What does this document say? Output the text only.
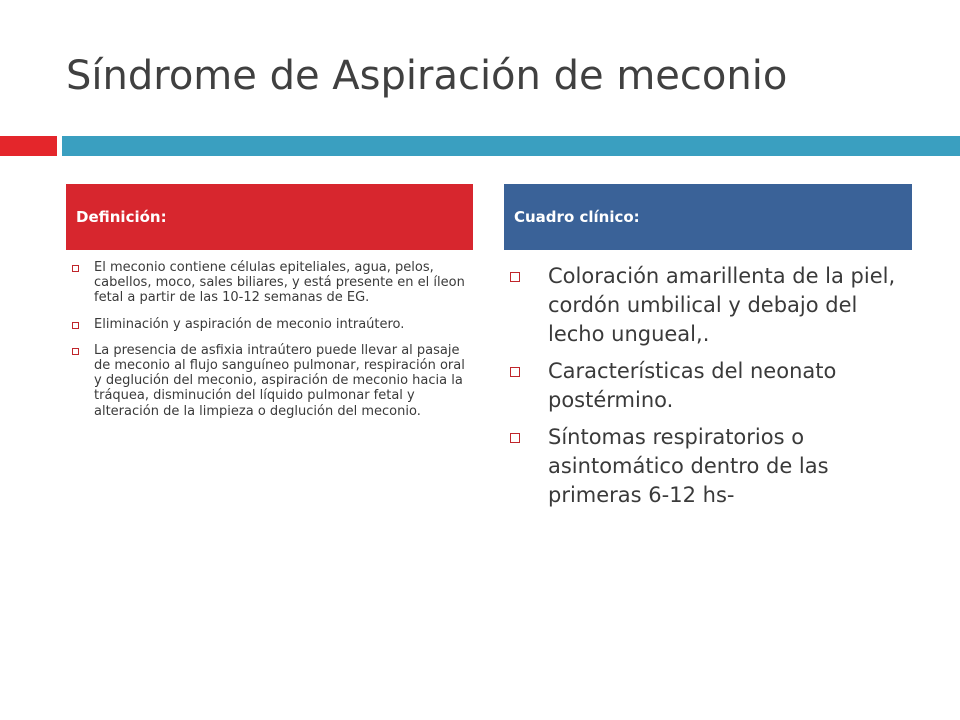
Síndrome de Aspiración de meconio
Definición:	Cuadro clínico:
El meconio contiene células epiteliales, agua, pelos, cabellos, moco, sales biliares, y está presente en el íleon fetal a partir de las 10-12 semanas de EG.
Eliminación y aspiración de meconio intraútero.
La presencia de asfixia intraútero puede llevar al pasaje de meconio al flujo sanguíneo pulmonar, respiración oral y deglución del meconio, aspiración de meconio hacia la tráquea, disminución del líquido pulmonar fetal y alteración de la limpieza o deglución del meconio.
Coloración amarillenta de la piel, cordón umbilical y debajo del lecho ungueal,.
Características del neonato postérmino.
Síntomas respiratorios o asintomático dentro de las primeras 6-12 hs-
